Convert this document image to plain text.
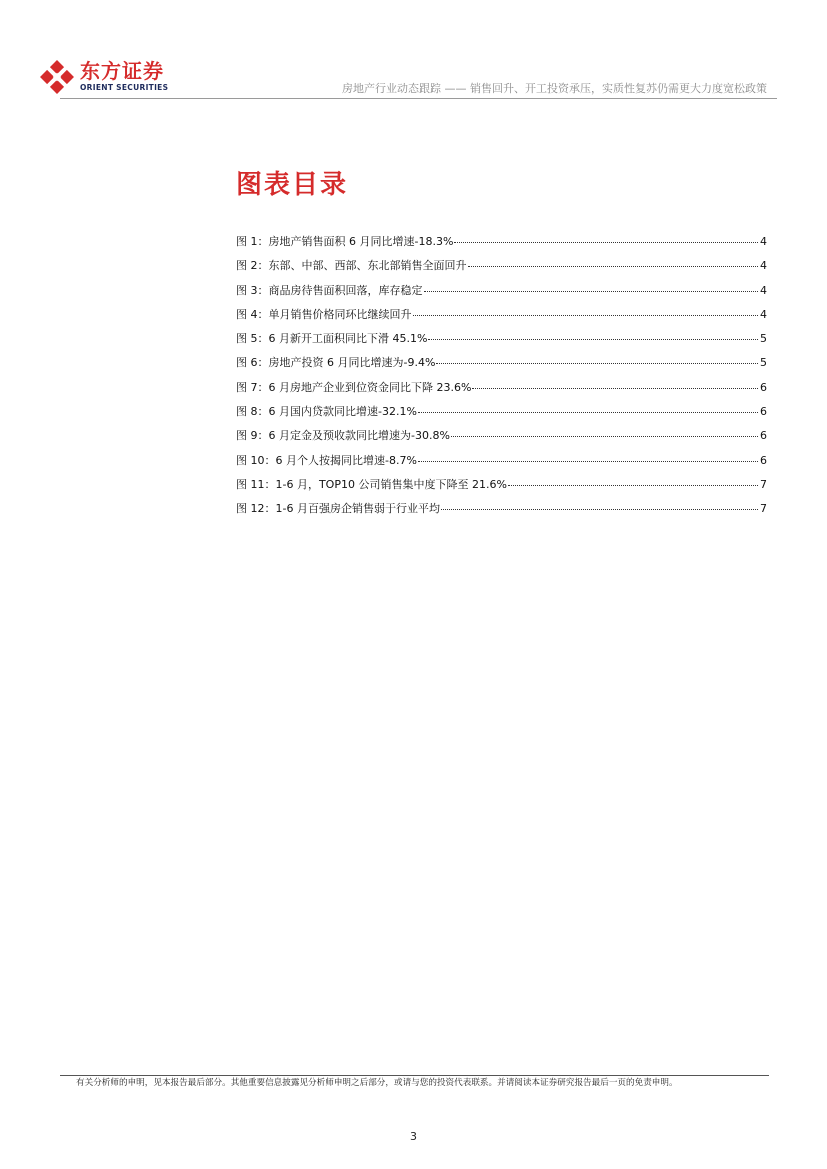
东方证券
ORIENT SECURITIES	房地产行业动态跟踪 —— 销售回升、开工投资承压，实质性复苏仍需更大力度宽松政策
图表目录
图 1：房地产销售面积 6 月同比增速-18.3%	4
图 2：东部、中部、西部、东北部销售全面回升	4
图 3：商品房待售面积回落，库存稳定	4
图 4：单月销售价格同环比继续回升	4
图 5：6 月新开工面积同比下滑 45.1%	5
图 6：房地产投资 6 月同比增速为-9.4%	5
图 7：6 月房地产企业到位资金同比下降 23.6%	6
图 8：6 月国内贷款同比增速-32.1%	6
图 9：6 月定金及预收款同比增速为-30.8%	6
图 10：6 月个人按揭同比增速-8.7%	6
图 11：1-6 月，TOP10 公司销售集中度下降至 21.6%	7
图 12：1-6 月百强房企销售弱于行业平均	7
有关分析师的申明，见本报告最后部分。其他重要信息披露见分析师申明之后部分，或请与您的投资代表联系。并请阅读本证券研究报告最后一页的免责申明。
3
